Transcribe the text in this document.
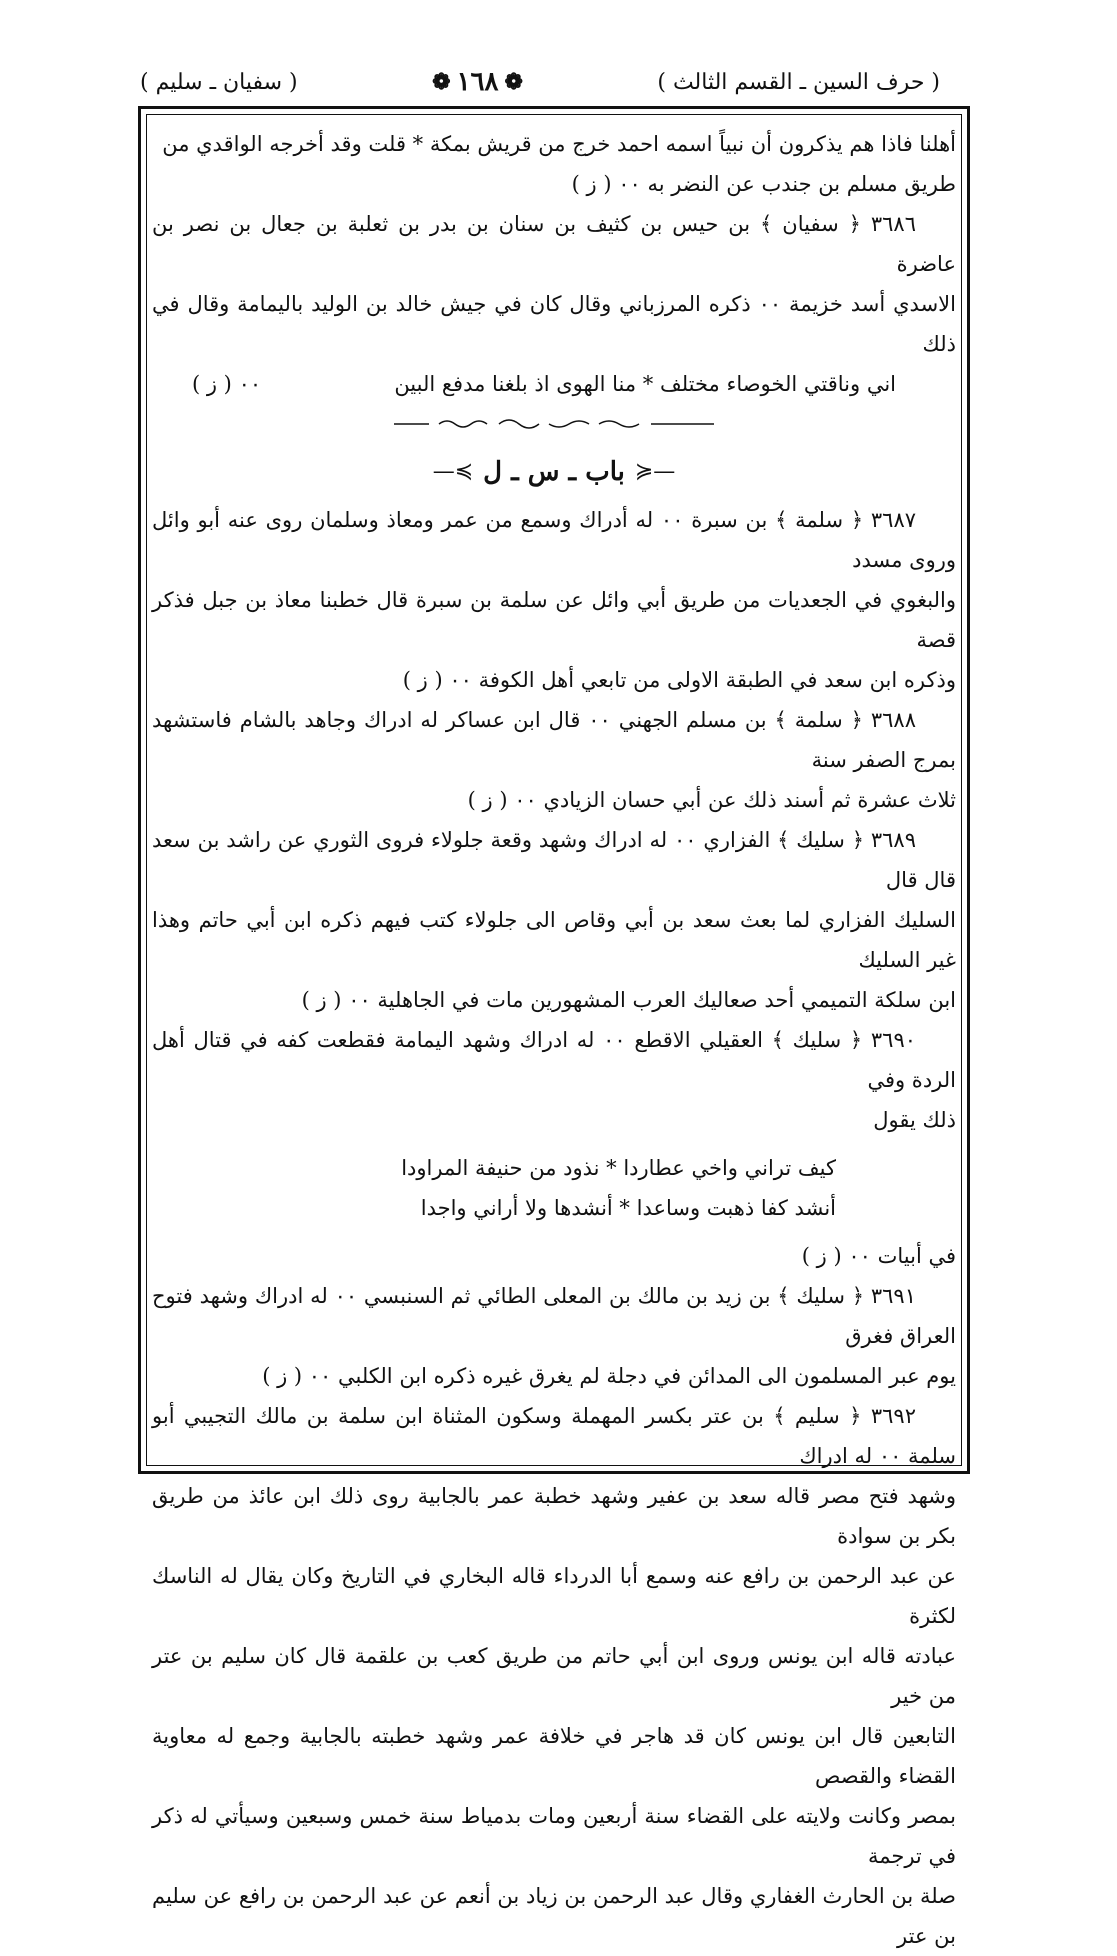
( حرف السين ـ القسم الثالث )
❁
١٦٨
❁
( سفيان ـ سليم )

أهلنا فاذا هم يذكرون أن نبياً اسمه احمد خرج من قريش بمكة * قلت وقد أخرجه الواقدي من

طريق مسلم بن جندب عن النضر به ٠٠ ( ز )

٣٦٨٦ ﴿ سفيان ﴾ بن حيس بن كثيف بن سنان بن بدر بن ثعلبة بن جعال بن نصر بن عاضرة

الاسدي أسد خزيمة ٠٠ ذكره المرزباني وقال كان في جيش خالد بن الوليد باليمامة وقال في ذلك

اني وناقتي الخوصاء مختلف * منا الهوى اذ بلغنا مدفع البين
٠٠ ( ز )
—≼
باب ـ س ـ ل
≽—

٣٦٨٧ ﴿ سلمة ﴾ بن سبرة ٠٠ له أدراك وسمع من عمر ومعاذ وسلمان روى عنه أبو وائل وروى مسدد

والبغوي في الجعديات من طريق أبي وائل عن سلمة بن سبرة قال خطبنا معاذ بن جبل فذكر قصة

وذكره ابن سعد في الطبقة الاولى من تابعي أهل الكوفة ٠٠ ( ز )

٣٦٨٨ ﴿ سلمة ﴾ بن مسلم الجهني ٠٠ قال ابن عساكر له ادراك وجاهد بالشام فاستشهد بمرج الصفر سنة

ثلاث عشرة ثم أسند ذلك عن أبي حسان الزيادي ٠٠ ( ز )

٣٦٨٩ ﴿ سليك ﴾ الفزاري ٠٠ له ادراك وشهد وقعة جلولاء فروى الثوري عن راشد بن سعد قال قال

السليك الفزاري لما بعث سعد بن أبي وقاص الى جلولاء كتب فيهم ذكره ابن أبي حاتم وهذا غير السليك

ابن سلكة التميمي أحد صعاليك العرب المشهورين مات في الجاهلية ٠٠ ( ز )

٣٦٩٠ ﴿ سليك ﴾ العقيلي الاقطع ٠٠ له ادراك وشهد اليمامة فقطعت كفه في قتال أهل الردة وفي

ذلك يقول

كيف تراني واخي عطاردا * نذود من حنيفة المراودا

أنشد كفا ذهبت وساعدا * أنشدها ولا أراني واجدا

في أبيات ٠٠ ( ز )

٣٦٩١ ﴿ سليك ﴾ بن زيد بن مالك بن المعلى الطائي ثم السنبسي ٠٠ له ادراك وشهد فتوح العراق فغرق

يوم عبر المسلمون الى المدائن في دجلة لم يغرق غيره ذكره ابن الكلبي ٠٠ ( ز )

٣٦٩٢ ﴿ سليم ﴾ بن عتر بكسر المهملة وسكون المثناة ابن سلمة بن مالك التجيبي أبو سلمة ٠٠ له ادراك

وشهد فتح مصر قاله سعد بن عفير وشهد خطبة عمر بالجابية روى ذلك ابن عائذ من طريق بكر بن سوادة

عن عبد الرحمن بن رافع عنه وسمع أبا الدرداء قاله البخاري في التاريخ وكان يقال له الناسك لكثرة

عبادته قاله ابن يونس وروى ابن أبي حاتم من طريق كعب بن علقمة قال كان سليم بن عتر من خير

التابعين قال ابن يونس كان قد هاجر في خلافة عمر وشهد خطبته بالجابية وجمع له معاوية القضاء والقصص

بمصر وكانت ولايته على القضاء سنة أربعين ومات بدمياط سنة خمس وسبعين وسيأتي له ذكر في ترجمة

صلة بن الحارث الغفاري وقال عبد الرحمن بن زياد بن أنعم عن عبد الرحمن بن رافع عن سليم بن عتر
